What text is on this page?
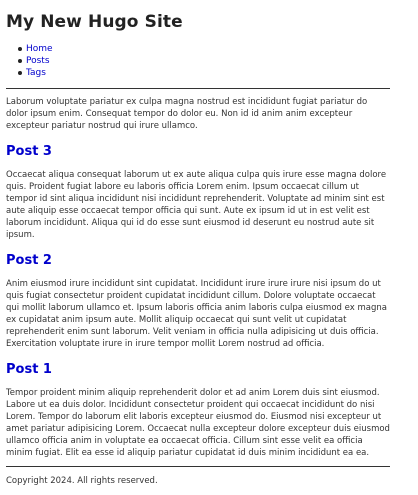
My New Hugo Site
Home
Posts
Tags

Laborum voluptate pariatur ex culpa magna nostrud est incididunt fugiat pariatur do dolor ipsum enim. Consequat tempor do dolor eu. Non id id anim anim excepteur excepteur pariatur nostrud qui irure ullamco.

Post 3

Occaecat aliqua consequat laborum ut ex aute aliqua culpa quis irure esse magna dolore quis. Proident fugiat labore eu laboris officia Lorem enim. Ipsum occaecat cillum ut tempor id sint aliqua incididunt nisi incididunt reprehenderit. Voluptate ad minim sint est aute aliquip esse occaecat tempor officia qui sunt. Aute ex ipsum id ut in est velit est laborum incididunt. Aliqua qui id do esse sunt eiusmod id deserunt eu nostrud aute sit ipsum.

Post 2

Anim eiusmod irure incididunt sint cupidatat. Incididunt irure irure irure nisi ipsum do ut quis fugiat consectetur proident cupidatat incididunt cillum. Dolore voluptate occaecat qui mollit laborum ullamco et. Ipsum laboris officia anim laboris culpa eiusmod ex magna ex cupidatat anim ipsum aute. Mollit aliquip occaecat qui sunt velit ut cupidatat reprehenderit enim sunt laborum. Velit veniam in officia nulla adipisicing ut duis officia. Exercitation voluptate irure in irure tempor mollit Lorem nostrud ad officia.

Post 1

Tempor proident minim aliquip reprehenderit dolor et ad anim Lorem duis sint eiusmod. Labore ut ea duis dolor. Incididunt consectetur proident qui occaecat incididunt do nisi Lorem. Tempor do laborum elit laboris excepteur eiusmod do. Eiusmod nisi excepteur ut amet pariatur adipisicing Lorem. Occaecat nulla excepteur dolore excepteur duis eiusmod ullamco officia anim in voluptate ea occaecat officia. Cillum sint esse velit ea officia minim fugiat. Elit ea esse id aliquip pariatur cupidatat id duis minim incididunt ea ea.

Copyright 2024. All rights reserved.
